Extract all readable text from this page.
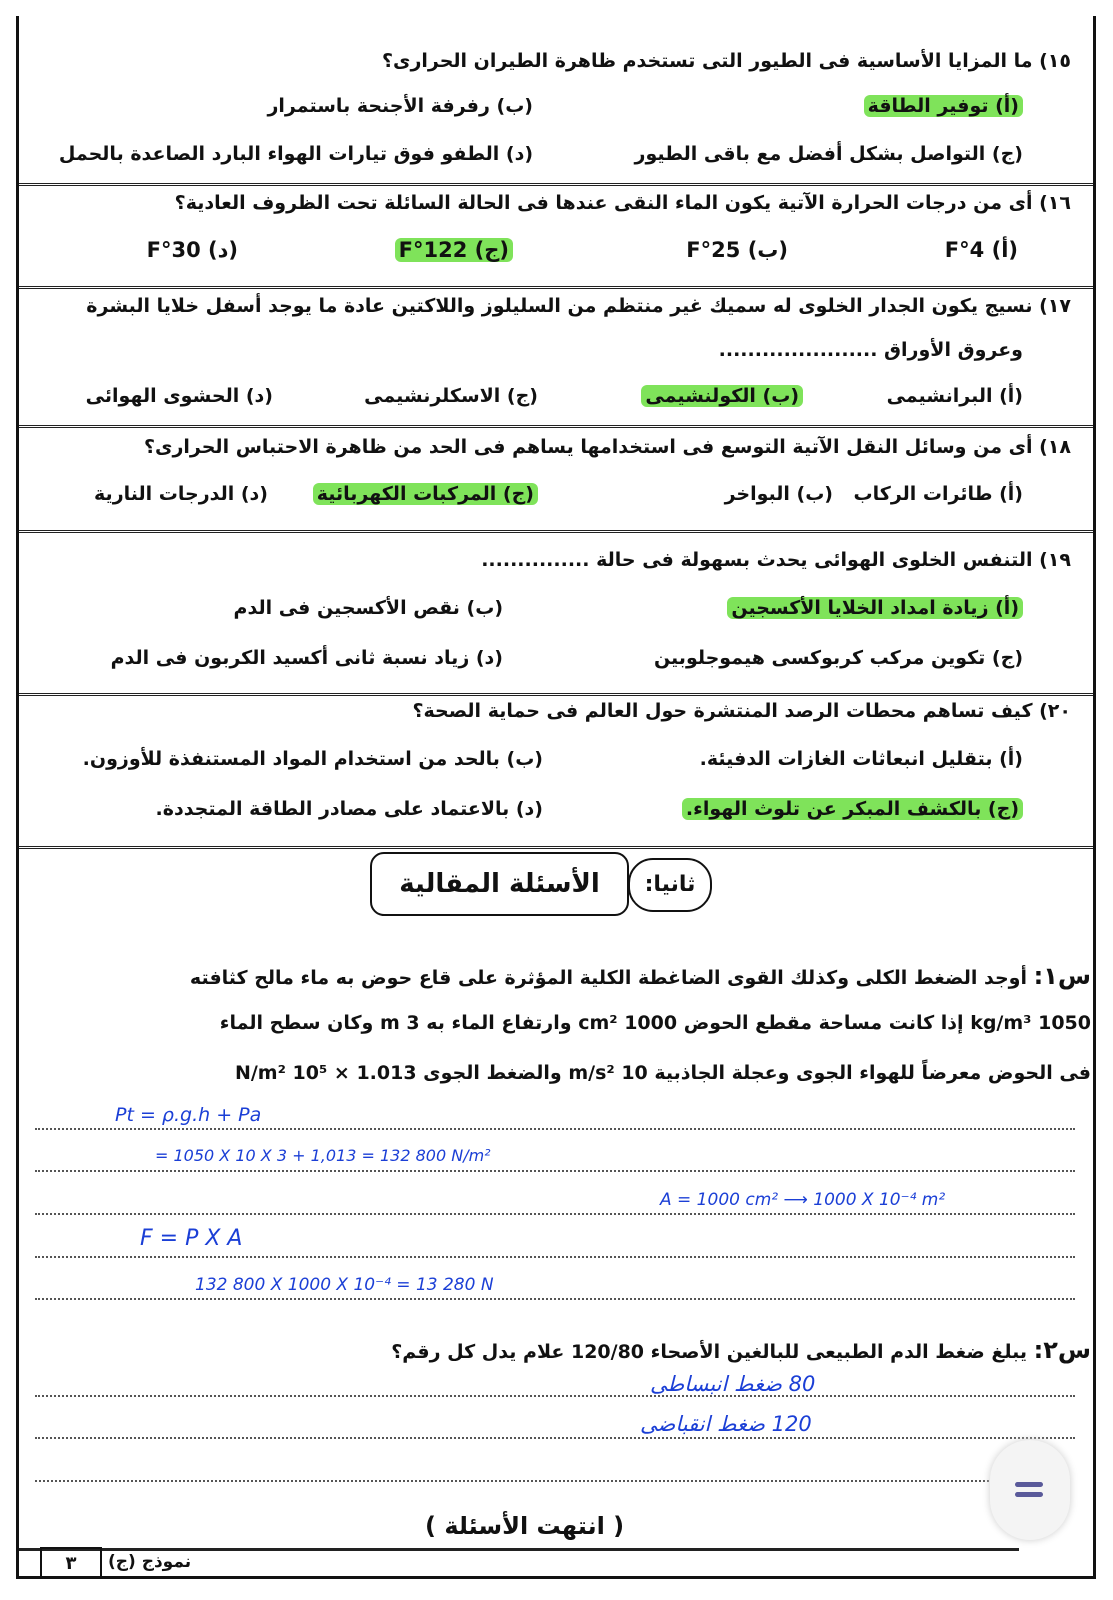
١٥) ما المزايا الأساسية فى الطيور التى تستخدم ظاهرة الطيران الحرارى؟
(أ) توفير الطاقة
(ب) رفرفة الأجنحة باستمرار
(ج) التواصل بشكل أفضل مع باقى الطيور
(د) الطفو فوق تيارات الهواء البارد الصاعدة بالحمل
١٦) أى من درجات الحرارة الآتية يكون الماء النقى عندها فى الحالة السائلة تحت الظروف العادية؟
(أ) 4°F
(ب) 25°F
(ج) 122°F
(د) 30°F
١٧) نسيج يكون الجدار الخلوى له سميك غير منتظم من السليلوز واللاكتين عادة ما يوجد أسفل خلايا البشرة
وعروق الأوراق ......................
(أ) البرانشيمى
(ب) الكولنشيمى
(ج) الاسكلرنشيمى
(د) الحشوى الهوائى
١٨) أى من وسائل النقل الآتية التوسع فى استخدامها يساهم فى الحد من ظاهرة الاحتباس الحرارى؟
(أ) طائرات الركاب
(ب) البواخر
(ج) المركبات الكهربائية
(د) الدرجات النارية
١٩) التنفس الخلوى الهوائى يحدث بسهولة فى حالة ...............
(أ) زيادة امداد الخلايا الأكسجين
(ب) نقص الأكسجين فى الدم
(ج) تكوين مركب كربوكسى هيموجلوبين
(د) زياد نسبة ثانى أكسيد الكربون فى الدم
٢٠) كيف تساهم محطات الرصد المنتشرة حول العالم فى حماية الصحة؟
(أ) بتقليل انبعاثات الغازات الدفيئة.
(ب) بالحد من استخدام المواد المستنفذة للأوزون.
(ج) بالكشف المبكر عن تلوث الهواء.
(د) بالاعتماد على مصادر الطاقة المتجددة.
ثانيا:
الأسئلة المقالية
س١: أوجد الضغط الكلى وكذلك القوى الضاغطة الكلية المؤثرة على قاع حوض به ماء مالح كثافته
1050 kg/m³ إذا كانت مساحة مقطع الحوض 1000 cm² وارتفاع الماء به 3 m وكان سطح الماء
فى الحوض معرضاً للهواء الجوى وعجلة الجاذبية 10 m/s² والضغط الجوى 1.013 × 10⁵ N/m²
Pt = ρ.g.h + Pa
= 1050 X 10 X 3 + 1,013 = 132 800 N/m²
A = 1000 cm² ⟶ 1000 X 10⁻⁴ m²
F = P X A
132 800 X 1000 X 10⁻⁴ = 13 280 N
س٢: يبلغ ضغط الدم الطبيعى للبالغين الأصحاء 120/80 علام يدل كل رقم؟
80 ضغط انبساطى
120 ضغط انقباضى
( انتهت الأسئلة )
٣	نموذج (ج)
